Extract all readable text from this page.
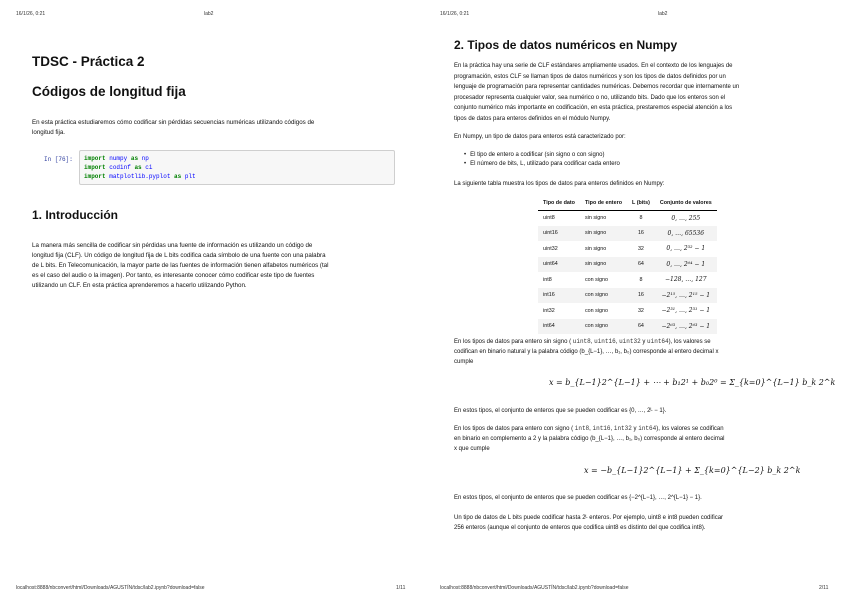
16/1/26, 0:21	lab2
TDSC - Práctica 2
Códigos de longitud fija
En esta práctica estudiaremos cómo codificar sin pérdidas secuencias numéricas utilizando códigos de
longitud fija.
In [76]: import numpy as np
import codinf as ci
import matplotlib.pyplot as plt
1. Introducción
La manera más sencilla de codificar sin pérdidas una fuente de información es utilizando un código de
longitud fija (CLF). Un código de longitud fija de L bits codifica cada símbolo de una fuente con una palabra
de L bits. En Telecomunicación, la mayor parte de las fuentes de información tienen alfabetos numéricos (tal
es el caso del audio o la imagen). Por tanto, es interesante conocer cómo codificar este tipo de fuentes
utilizando un CLF. En esta práctica aprenderemos a hacerlo utilizando Python.
localhost:8888/nbconvert/html/Downloads/AGUSTÍN/tdsc/lab2.ipynb?download=false	1/11
16/1/26, 0:21	lab2
2. Tipos de datos numéricos en Numpy
En la práctica hay una serie de CLF estándares ampliamente usados. En el contexto de los lenguajes de
programación, estos CLF se llaman tipos de datos numéricos y son los tipos de datos definidos por un
lenguaje de programación para representar cantidades numéricas. Debemos recordar que internamente un
procesador representa cualquier valor, sea numérico o no, utilizando bits. Dado que los enteros son el
conjunto numérico más importante en codificación, en esta práctica, prestaremos especial atención a los
tipos de datos para enteros definidos en el módulo Numpy.
En Numpy, un tipo de datos para enteros está caracterizado por:
• El tipo de entero a codificar (sin signo o con signo)
• El número de bits, L, utilizado para codificar cada entero
La siguiente tabla muestra los tipos de datos para enteros definidos en Numpy:
Tipo de dato	Tipo de entero	L (bits)	Conjunto de valores
uint8	sin signo	8	0, …, 255
uint16	sin signo	16	0, …, 65536
uint32	sin signo	32	0, …, 2³² − 1
uint64	sin signo	64	0, …, 2⁶⁴ − 1
int8	con signo	8	−128, …, 127
int16	con signo	16	−2¹⁵, …, 2¹⁵ − 1
int32	con signo	32	−2³¹, …, 2³¹ − 1
int64	con signo	64	−2⁶³, …, 2⁶³ − 1
En los tipos de datos para entero sin signo ( uint8, uint16, uint32 y uint64), los valores se
codifican en binario natural y la palabra código (b_{L−1}, …, b₁, b₀) corresponde al entero decimal x
cumple
x = b_{L−1}2^{L−1} + ⋯ + b₁2¹ + b₀2⁰ = Σ_{k=0}^{L−1} b_k 2^k
En estos tipos, el conjunto de enteros que se pueden codificar es {0, …, 2ᴸ − 1}.
En los tipos de datos para entero con signo ( int8, int16, int32 y int64), los valores se codifican
en binario en complemento a 2 y la palabra código (b_{L−1}, …, b₁, b₀) corresponde al entero decimal
x que cumple
x = −b_{L−1}2^{L−1} + Σ_{k=0}^{L−2} b_k 2^k
En estos tipos, el conjunto de enteros que se pueden codificar es {−2^{L−1}, …, 2^{L−1} − 1}.
Un tipo de datos de L bits puede codificar hasta 2ᴸ enteros. Por ejemplo, uint8 e int8 pueden codificar
256 enteros (aunque el conjunto de enteros que codifica uint8 es distinto del que codifica int8).
localhost:8888/nbconvert/html/Downloads/AGUSTÍN/tdsc/lab2.ipynb?download=false	2/11
